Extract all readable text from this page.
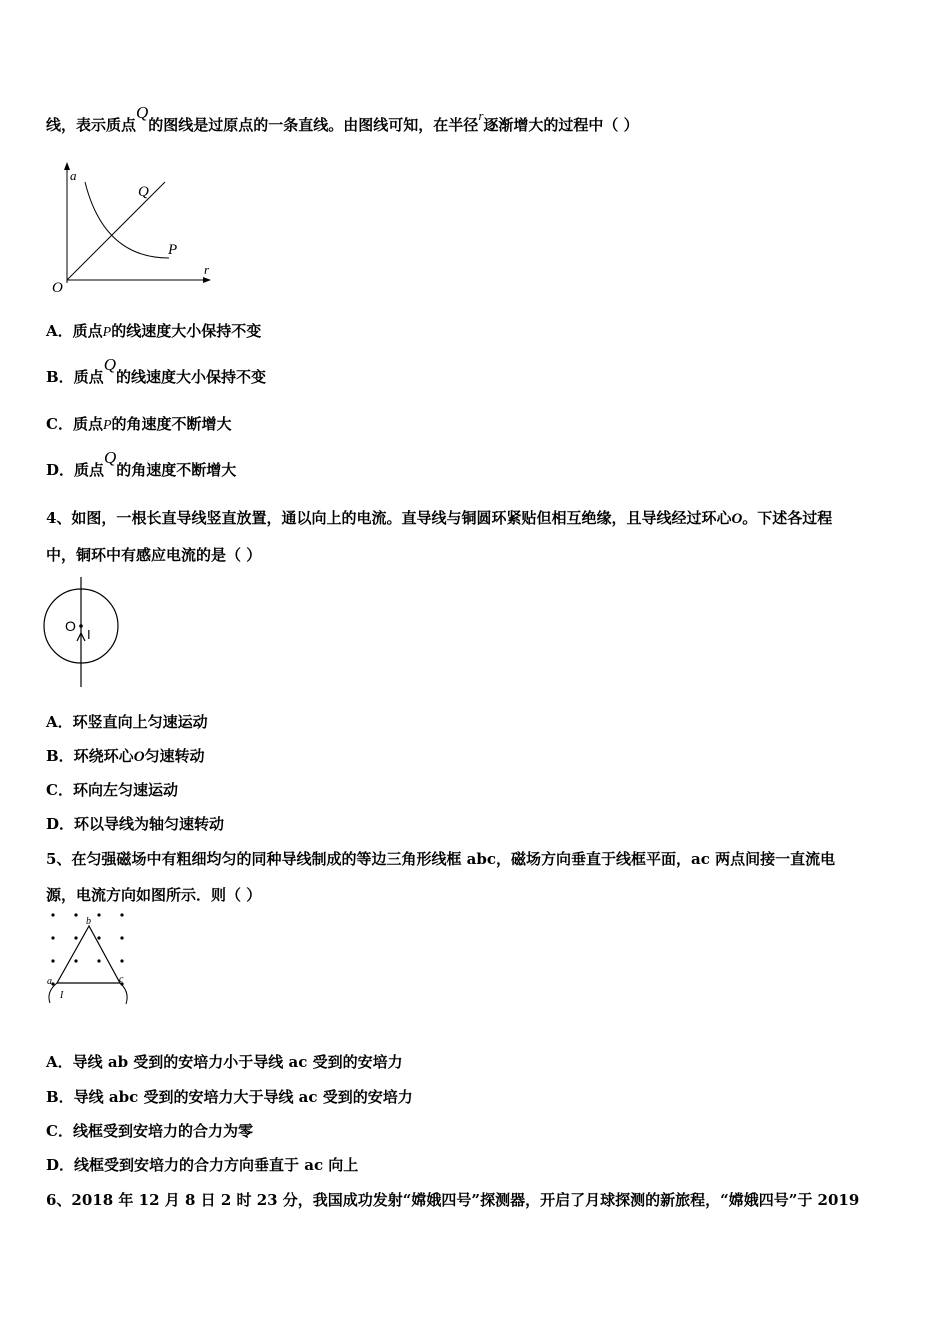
线，表示质点Q的图线是过原点的一条直线。由图线可知，在半径r逐渐增大的过程中（ ）
a
r
O
Q
P
A．质点P的线速度大小保持不变
B．质点Q的线速度大小保持不变
C．质点P的角速度不断增大
D．质点Q的角速度不断增大
4、如图，一根长直导线竖直放置，通以向上的电流。直导线与铜圆环紧贴但相互绝缘，且导线经过环心O。下述各过程
中，铜环中有感应电流的是（ ）
O
I
A．环竖直向上匀速运动
B．环绕环心O匀速转动
C．环向左匀速运动
D．环以导线为轴匀速转动
5、在匀强磁场中有粗细均匀的同种导线制成的等边三角形线框 abc，磁场方向垂直于线框平面，ac 两点间接一直流电
源，电流方向如图所示．则（ ）
b
a	c
I
A．导线 ab 受到的安培力小于导线 ac 受到的安培力
B．导线 abc 受到的安培力大于导线 ac 受到的安培力
C．线框受到安培力的合力为零
D．线框受到安培力的合力方向垂直于 ac 向上
6、2018 年 12 月 8 日 2 时 23 分，我国成功发射“嫦娥四号”探测器，开启了月球探测的新旅程，“嫦娥四号”于 2019
